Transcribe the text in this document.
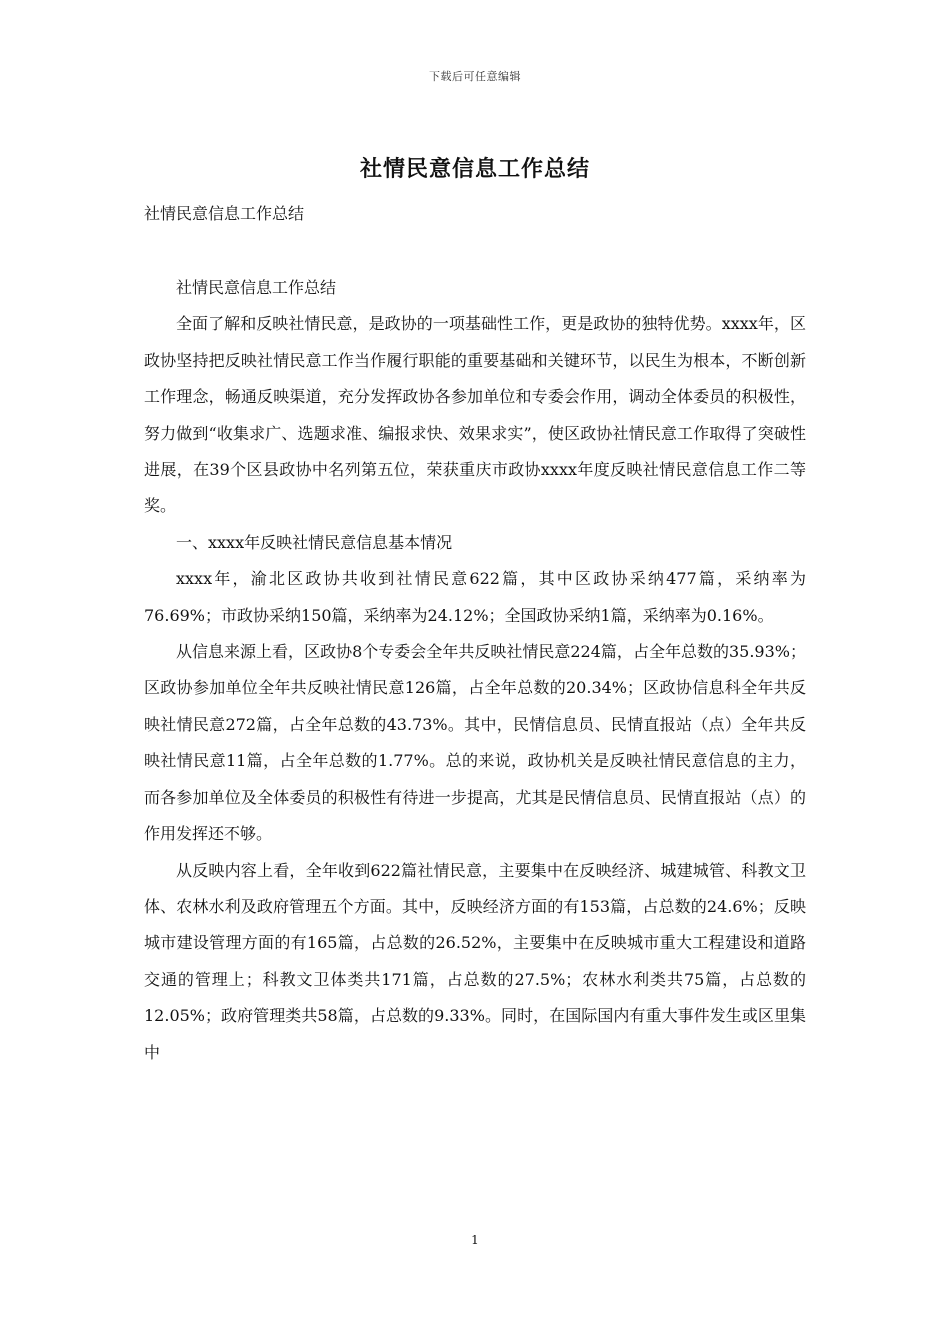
下载后可任意编辑
社情民意信息工作总结
社情民意信息工作总结

社情民意信息工作总结

全面了解和反映社情民意，是政协的一项基础性工作，更是政协的独特优势。xxxx年，区政协坚持把反映社情民意工作当作履行职能的重要基础和关键环节，以民生为根本，不断创新工作理念，畅通反映渠道，充分发挥政协各参加单位和专委会作用，调动全体委员的积极性，努力做到“收集求广、选题求准、编报求快、效果求实”，使区政协社情民意工作取得了突破性进展，在39个区县政协中名列第五位，荣获重庆市政协xxxx年度反映社情民意信息工作二等奖。

一、xxxx年反映社情民意信息基本情况

xxxx年，渝北区政协共收到社情民意622篇，其中区政协采纳477篇，采纳率为76.69%；市政协采纳150篇，采纳率为24.12%；全国政协采纳1篇，采纳率为0.16%。

从信息来源上看，区政协8个专委会全年共反映社情民意224篇，占全年总数的35.93%；区政协参加单位全年共反映社情民意126篇，占全年总数的20.34%；区政协信息科全年共反映社情民意272篇，占全年总数的43.73%。其中，民情信息员、民情直报站（点）全年共反映社情民意11篇，占全年总数的1.77%。总的来说，政协机关是反映社情民意信息的主力，而各参加单位及全体委员的积极性有待进一步提高，尤其是民情信息员、民情直报站（点）的作用发挥还不够。

从反映内容上看，全年收到622篇社情民意，主要集中在反映经济、城建城管、科教文卫体、农林水利及政府管理五个方面。其中，反映经济方面的有153篇，占总数的24.6%；反映城市建设管理方面的有165篇，占总数的26.52%，主要集中在反映城市重大工程建设和道路交通的管理上；科教文卫体类共171篇，占总数的27.5%；农林水利类共75篇，占总数的12.05%；政府管理类共58篇，占总数的9.33%。同时，在国际国内有重大事件发生或区里集中

1
